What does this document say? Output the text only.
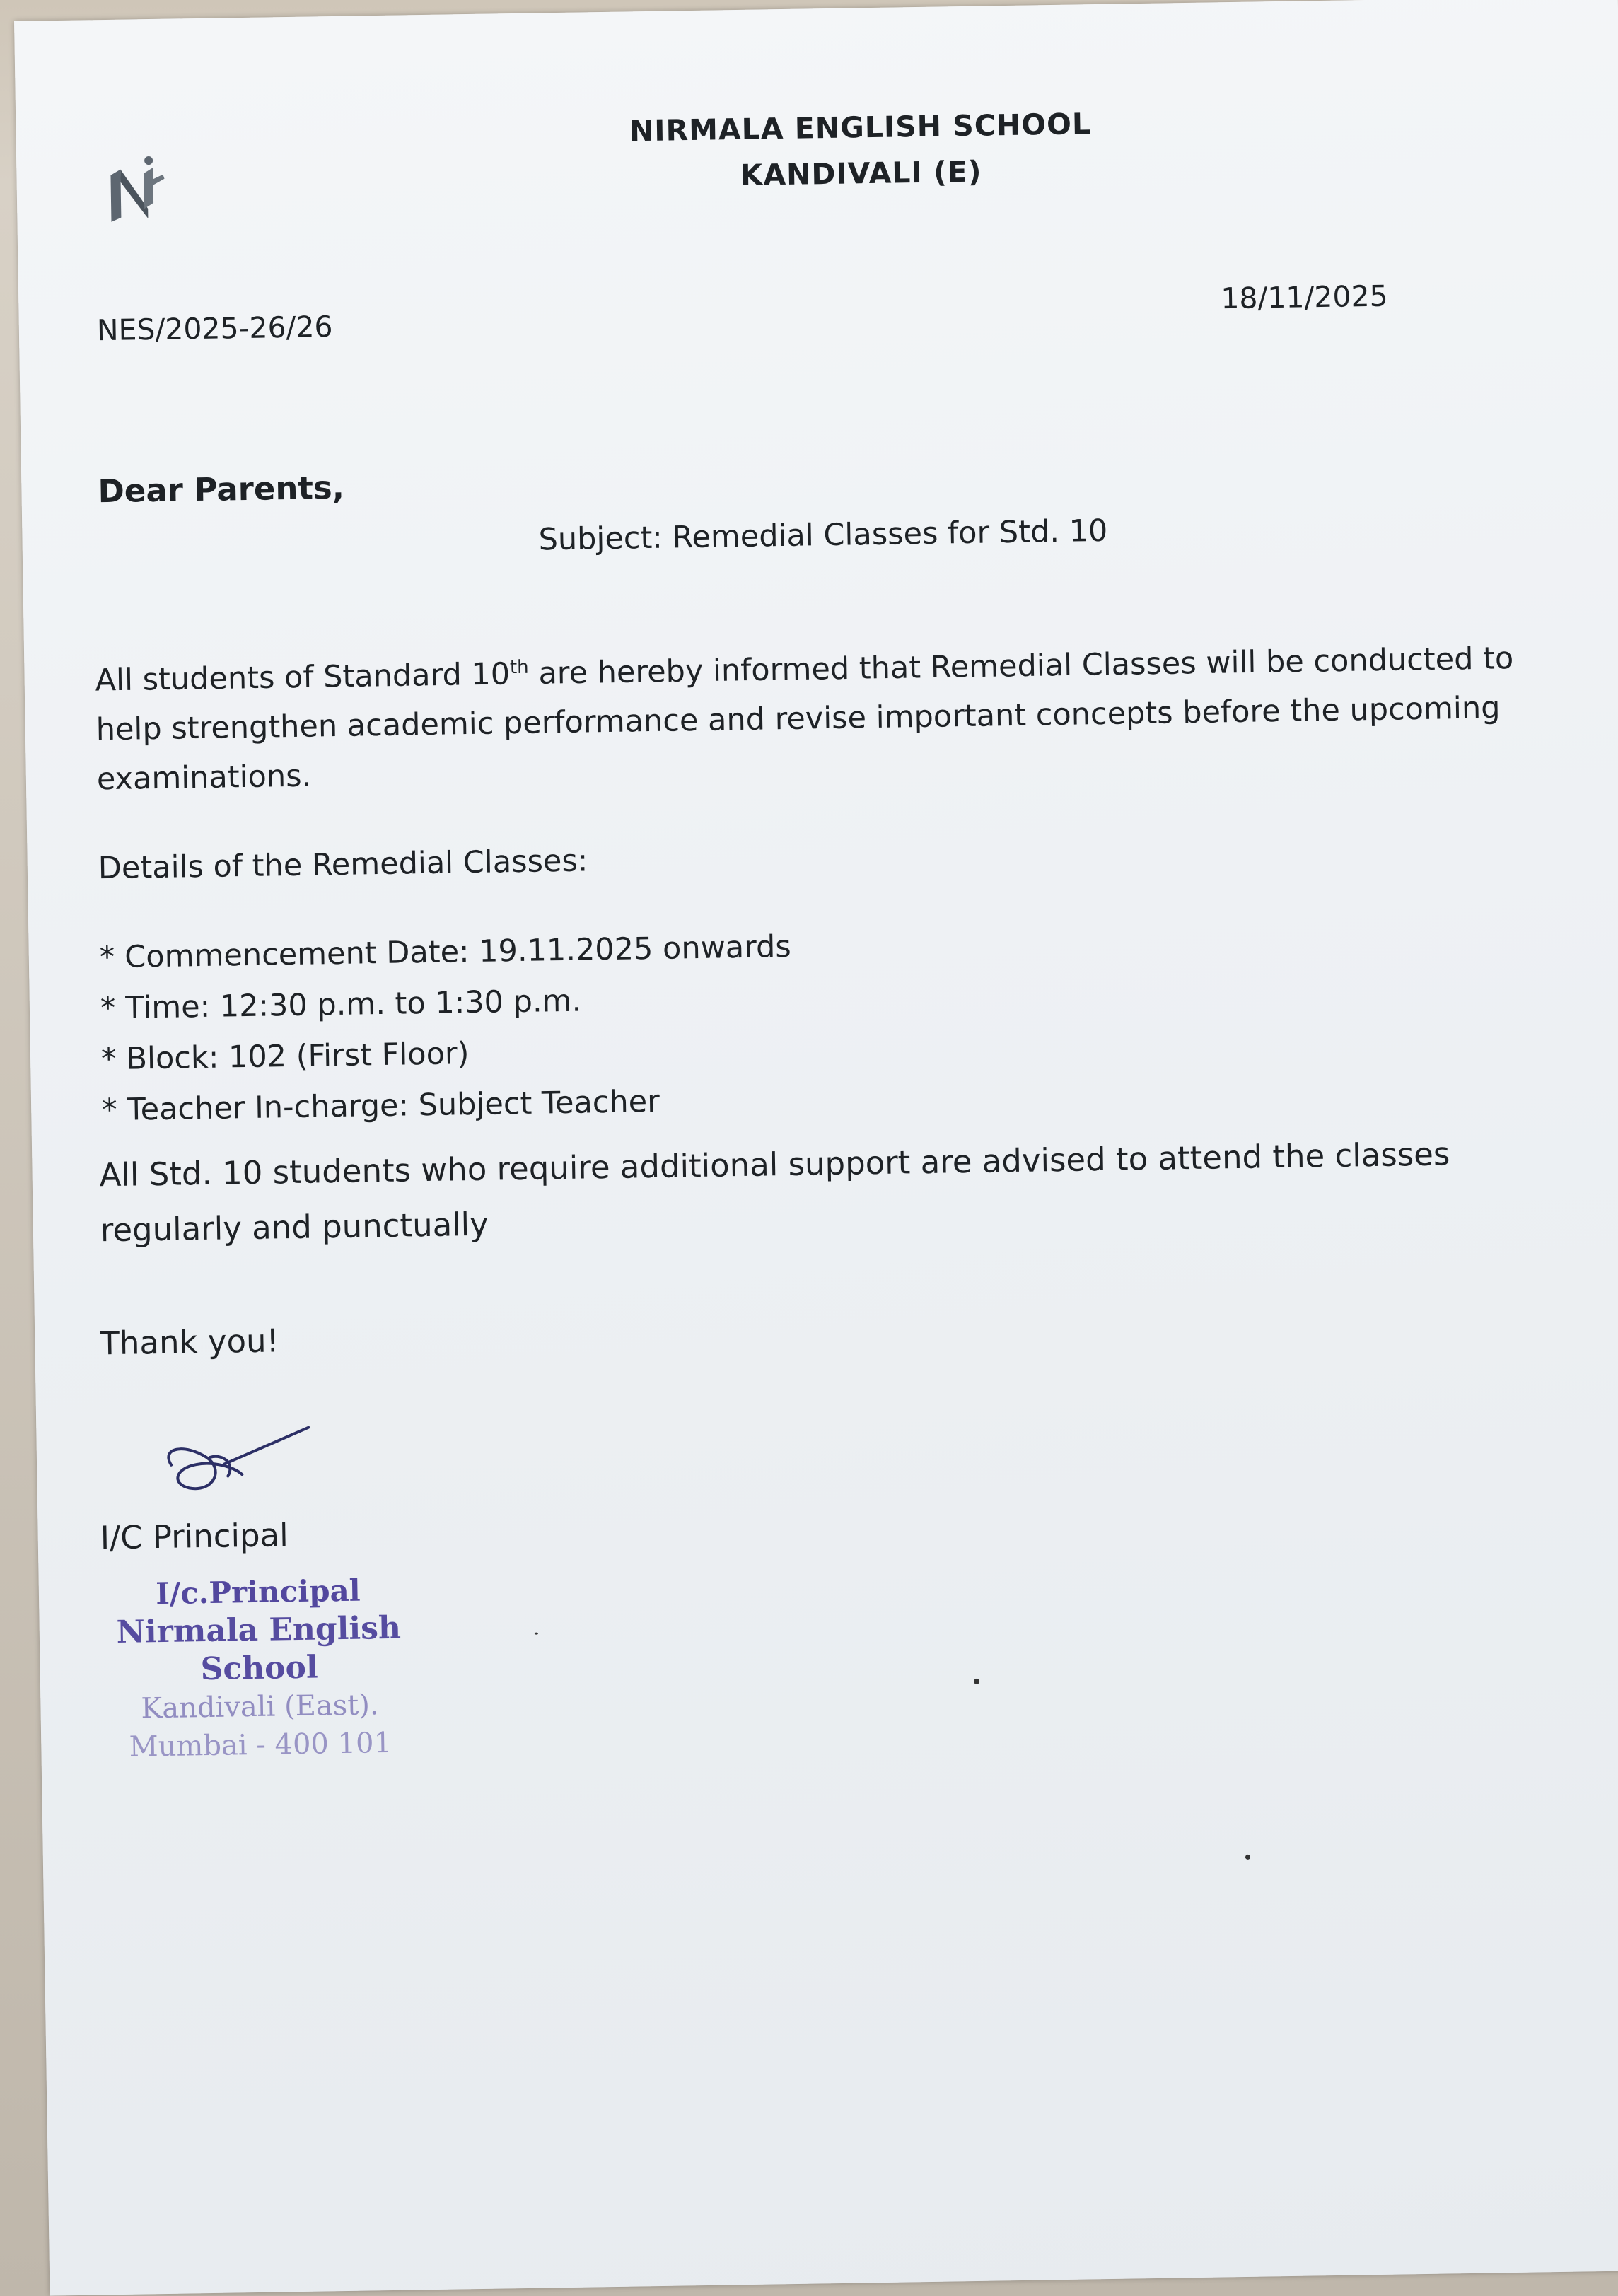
NIRMALA ENGLISH SCHOOL
KANDIVALI (E)
NES/2025-26/26
18/11/2025
Dear Parents,
Subject: Remedial Classes for Std. 10
All students of Standard 10th are hereby informed that Remedial Classes will be conducted to help strengthen academic performance and revise important concepts before the upcoming examinations.
Details of the Remedial Classes:
* Commencement Date: 19.11.2025 onwards
* Time: 12:30 p.m. to 1:30 p.m.
* Block: 102 (First Floor)
* Teacher In-charge: Subject Teacher
All Std. 10 students who require additional support are advised to attend the classes regularly and punctually
Thank you!
I/C Principal
I/c.Principal
Nirmala English School
Kandivali (East).
Mumbai - 400 101
